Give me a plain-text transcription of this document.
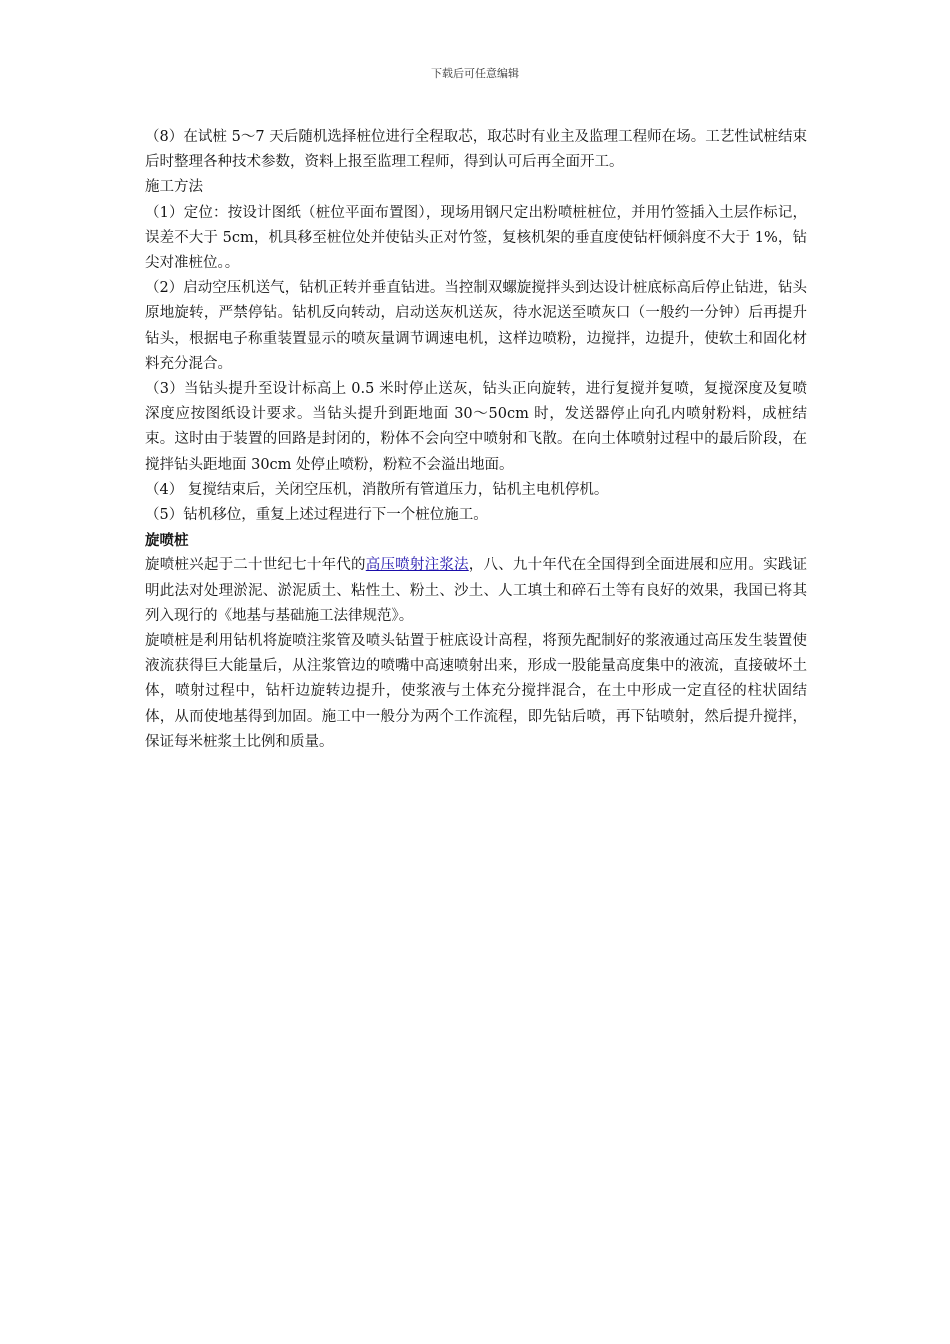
下载后可任意编辑

（8）在试桩 5～7 天后随机选择桩位进行全程取芯，取芯时有业主及监理工程师在场。工艺性试桩结束后时整理各种技术参数，资料上报至监理工程师，得到认可后再全面开工。

施工方法

（1）定位：按设计图纸（桩位平面布置图），现场用钢尺定出粉喷桩桩位，并用竹签插入土层作标记，误差不大于 5cm，机具移至桩位处并使钻头正对竹签，复核机架的垂直度使钻杆倾斜度不大于 1%，钻尖对准桩位。。

（2）启动空压机送气，钻机正转并垂直钻进。当控制双螺旋搅拌头到达设计桩底标高后停止钻进，钻头原地旋转，严禁停钻。钻机反向转动，启动送灰机送灰，待水泥送至喷灰口（一般约一分钟）后再提升钻头，根据电子称重装置显示的喷灰量调节调速电机，这样边喷粉，边搅拌，边提升，使软土和固化材料充分混合。

（3）当钻头提升至设计标高上 0.5 米时停止送灰，钻头正向旋转，进行复搅并复喷，复搅深度及复喷深度应按图纸设计要求。当钻头提升到距地面 30～50cm 时，发送器停止向孔内喷射粉料，成桩结束。这时由于装置的回路是封闭的，粉体不会向空中喷射和飞散。在向土体喷射过程中的最后阶段，在搅拌钻头距地面 30cm 处停止喷粉，粉粒不会溢出地面。

（4） 复搅结束后，关闭空压机，消散所有管道压力，钻机主电机停机。

（5）钻机移位，重复上述过程进行下一个桩位施工。

旋喷桩

旋喷桩兴起于二十世纪七十年代的高压喷射注浆法，八、九十年代在全国得到全面进展和应用。实践证明此法对处理淤泥、淤泥质土、粘性土、粉土、沙土、人工填土和碎石土等有良好的效果，我国已将其列入现行的《地基与基础施工法律规范》。

旋喷桩是利用钻机将旋喷注浆管及喷头钻置于桩底设计高程，将预先配制好的浆液通过高压发生装置使液流获得巨大能量后，从注浆管边的喷嘴中高速喷射出来，形成一股能量高度集中的液流，直接破坏土体，喷射过程中，钻杆边旋转边提升，使浆液与土体充分搅拌混合，在土中形成一定直径的柱状固结体，从而使地基得到加固。施工中一般分为两个工作流程，即先钻后喷，再下钻喷射，然后提升搅拌，保证每米桩浆土比例和质量。
